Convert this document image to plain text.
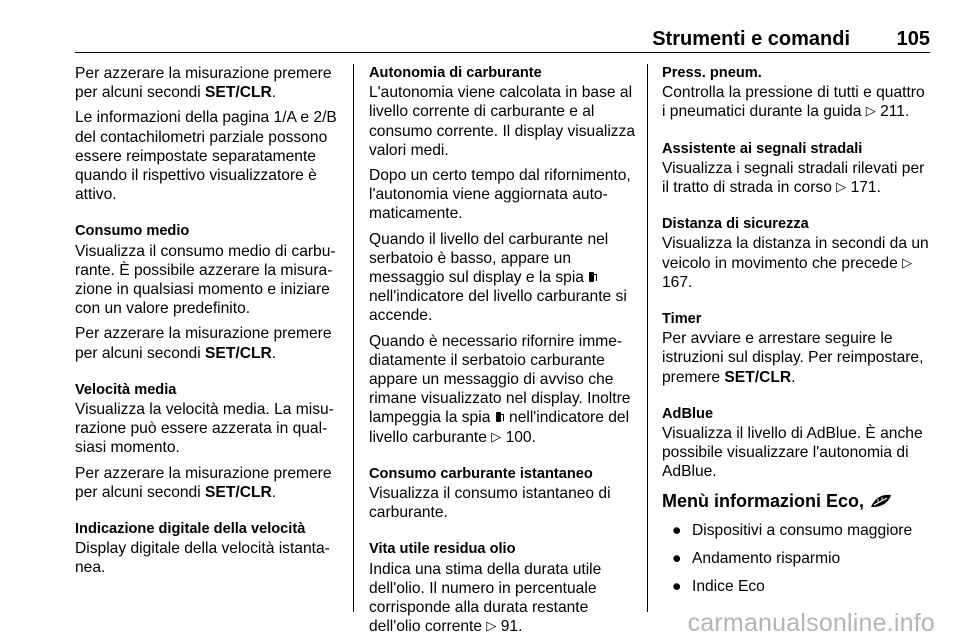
Strumenti e comandi 105

Per azzerare la misurazione premere per alcuni secondi SET/CLR.

Le informazioni della pagina 1/A e 2/B del contachilometri parziale possono essere reimpostate separatamente quando il rispettivo visualizzatore è attivo.

Consumo medio

Visualizza il consumo medio di carburante. È possibile azzerare la misurazione in qualsiasi momento e iniziare con un valore predefinito.

Per azzerare la misurazione premere per alcuni secondi SET/CLR.

Velocità media

Visualizza la velocità media. La misurazione può essere azzerata in qualsiasi momento.

Per azzerare la misurazione premere per alcuni secondi SET/CLR.

Indicazione digitale della velocità

Display digitale della velocità istantanea.

Autonomia di carburante

L'autonomia viene calcolata in base al livello corrente di carburante e al consumo corrente. Il display visualizza valori medi.

Dopo un certo tempo dal rifornimento, l'autonomia viene aggiornata automaticamente.

Quando il livello del carburante nel serbatoio è basso, appare un messaggio sul display e la spia  nell'indicatore del livello carburante si accende.

Quando è necessario rifornire immediatamente il serbatoio carburante appare un messaggio di avviso che rimane visualizzato nel display. Inoltre lampeggia la spia  nell'indicatore del livello carburante ▷ 100.

Consumo carburante istantaneo

Visualizza il consumo istantaneo di carburante.

Vita utile residua olio

Indica una stima della durata utile dell'olio. Il numero in percentuale corrisponde alla durata restante dell'olio corrente ▷ 91.

Press. pneum.

Controlla la pressione di tutti e quattro i pneumatici durante la guida ▷ 211.

Assistente ai segnali stradali

Visualizza i segnali stradali rilevati per il tratto di strada in corso ▷ 171.

Distanza di sicurezza

Visualizza la distanza in secondi da un veicolo in movimento che precede ▷ 167.

Timer

Per avviare e arrestare seguire le istruzioni sul display. Per reimpostare, premere SET/CLR.

AdBlue

Visualizza il livello di AdBlue. È anche possibile visualizzare l'autonomia di AdBlue.

Menù informazioni Eco,
● Dispositivi a consumo maggiore
● Andamento risparmio
● Indice Eco
carmanualsonline.info
